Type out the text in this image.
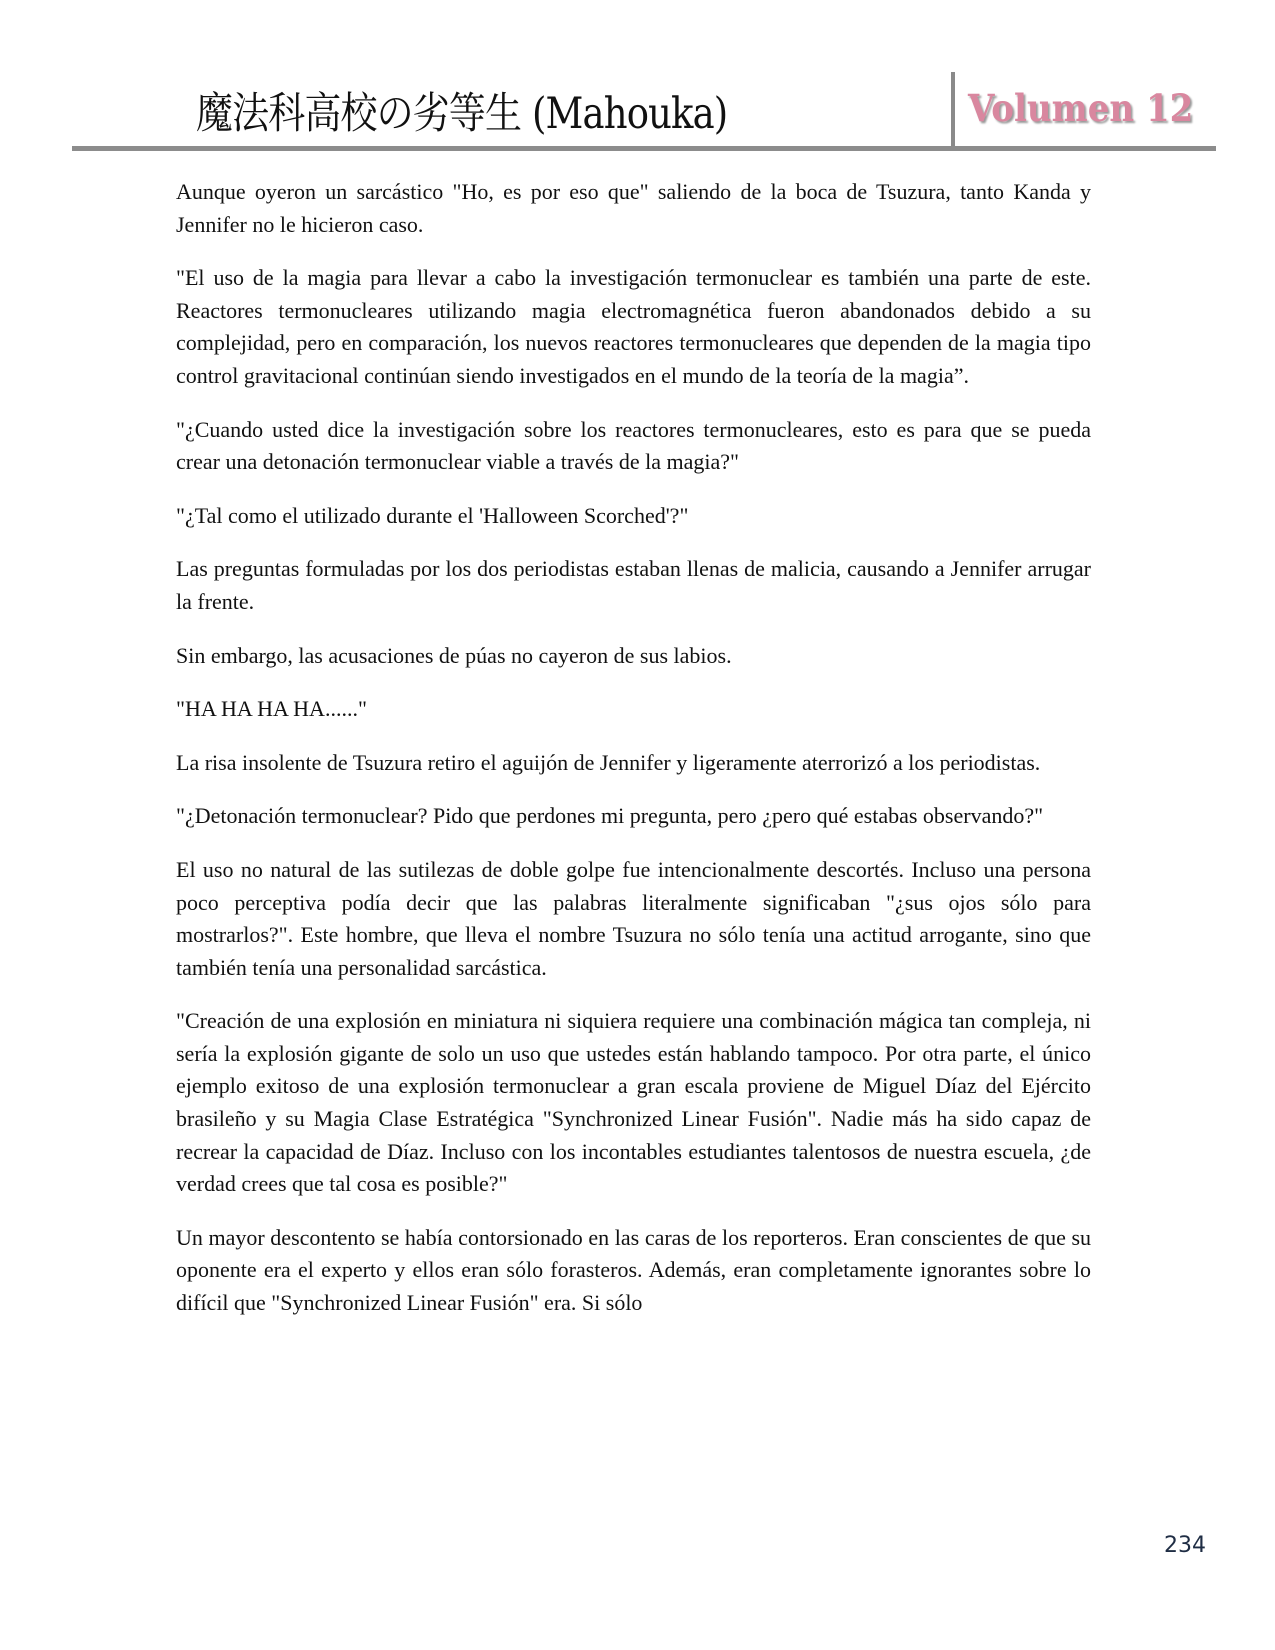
魔法科高校の劣等生 (Mahouka)	Volumen 12

Aunque oyeron un sarcástico "Ho, es por eso que" saliendo de la boca de Tsuzura, tanto Kanda y Jennifer no le hicieron caso.

"El uso de la magia para llevar a cabo la investigación termonuclear es también una parte de este. Reactores termonucleares utilizando magia electromagnética fueron abandonados debido a su complejidad, pero en comparación, los nuevos reactores termonucleares que dependen de la magia tipo control gravitacional continúan siendo investigados en el mundo de la teoría de la magia”.

"¿Cuando usted dice la investigación sobre los reactores termonucleares, esto es para que se pueda crear una detonación termonuclear viable a través de la magia?"

"¿Tal como el utilizado durante el 'Halloween Scorched'?"

Las preguntas formuladas por los dos periodistas estaban llenas de malicia, causando a Jennifer arrugar la frente.

Sin embargo, las acusaciones de púas no cayeron de sus labios.

"HA HA HA HA......"

La risa insolente de Tsuzura retiro el aguijón de Jennifer y ligeramente aterrorizó a los periodistas.

"¿Detonación termonuclear? Pido que perdones mi pregunta, pero ¿pero qué estabas observando?"

El uso no natural de las sutilezas de doble golpe fue intencionalmente descortés. Incluso una persona poco perceptiva podía decir que las palabras literalmente significaban "¿sus ojos sólo para mostrarlos?". Este hombre, que lleva el nombre Tsuzura no sólo tenía una actitud arrogante, sino que también tenía una personalidad sarcástica.

"Creación de una explosión en miniatura ni siquiera requiere una combinación mágica tan compleja, ni sería la explosión gigante de solo un uso que ustedes están hablando tampoco. Por otra parte, el único ejemplo exitoso de una explosión termonuclear a gran escala proviene de Miguel Díaz del Ejército brasileño y su Magia Clase Estratégica "Synchronized Linear Fusión". Nadie más ha sido capaz de recrear la capacidad de Díaz. Incluso con los incontables estudiantes talentosos de nuestra escuela, ¿de verdad crees que tal cosa es posible?"

Un mayor descontento se había contorsionado en las caras de los reporteros. Eran conscientes de que su oponente era el experto y ellos eran sólo forasteros. Además, eran completamente ignorantes sobre lo difícil que "Synchronized Linear Fusión" era. Si sólo

234
